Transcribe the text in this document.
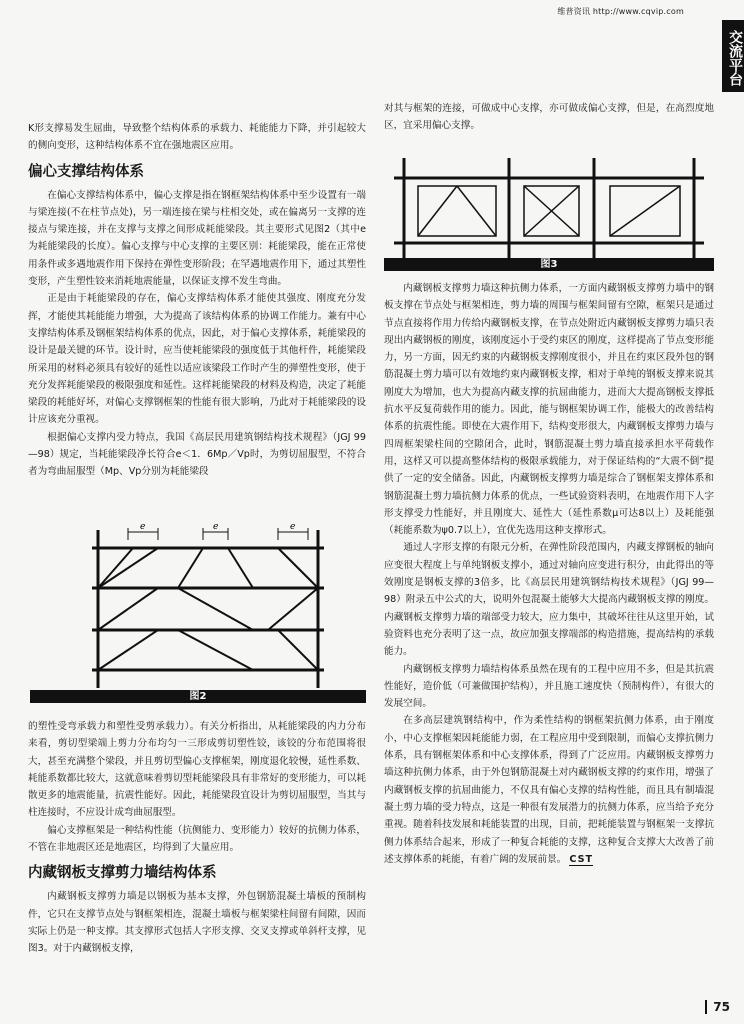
维普资讯 http://www.cqvip.com
交流平台

K形支撑易发生屈曲，导致整个结构体系的承载力、耗能能力下降，并引起较大的侧向变形，这种结构体系不宜在强地震区应用。

偏心支撑结构体系

在偏心支撑结构体系中，偏心支撑是指在钢框架结构体系中至少设置有一端与梁连接(不在柱节点处)，另一端连接在梁与柱相交处，或在偏离另一支撑的连接点与梁连接，并在支撑与支撑之间形成耗能梁段。其主要形式见图2（其中e为耗能梁段的长度）。偏心支撑与中心支撑的主要区别：耗能梁段，能在正常使用条件或多遇地震作用下保持在弹性变形阶段；在罕遇地震作用下，通过其塑性变形，产生塑性铰来消耗地震能量，以保证支撑不发生弯曲。

正是由于耗能梁段的存在，偏心支撑结构体系才能使其强度、刚度充分发挥，才能使其耗能能力增强，大为提高了该结构体系的协调工作能力。兼有中心支撑结构体系及钢框架结构体系的优点，因此，对于偏心支撑体系，耗能梁段的设计是最关键的环节。设计时，应当使耗能梁段的强度低于其他杆件，耗能梁段所采用的材料必须具有较好的延性以适应该梁段工作时产生的弹塑性变形，使于充分发挥耗能梁段的极限强度和延性。这样耗能梁段的材料及构造，决定了耗能梁段的耗能好坏，对偏心支撑钢框架的性能有很大影响，乃此对于耗能梁段的设计应该充分重视。

根据偏心支撑内受力特点，我国《高层民用建筑钢结构技术规程》（JGJ 99—98）规定，当耗能梁段净长符合e＜1．6Mp／Vp时，为剪切屈服型，不符合者为弯曲屈服型（Mp、Vp分别为耗能梁段

e	e	e
图2

的塑性受弯承载力和塑性受剪承载力）。有关分析指出，从耗能梁段的内力分布来看，剪切型梁端上剪力分布均匀一三形成剪切塑性铰，该铰的分布范围将很大，甚至充满整个梁段，并且剪切型偏心支撑框架，刚度退化较慢，延性系数、耗能系数都比较大，这就意味着剪切型耗能梁段具有非常好的变形能力，可以耗散更多的地震能量，抗震性能好。因此，耗能梁段宜设计为剪切屈服型，当其与柱连接时，不应设计成弯曲屈服型。

偏心支撑框架是一种结构性能（抗侧能力、变形能力）较好的抗侧力体系，不管在非地震区还是地震区，均得到了大量应用。

内藏钢板支撑剪力墙结构体系

内藏钢板支撑剪力墙是以钢板为基本支撑，外包钢筋混凝土墙板的预制构件，它只在支撑节点处与钢框架相连，混凝土墙板与框架梁柱间留有间隙，因而实际上仍是一种支撑。其支撑形式包括人字形支撑、交叉支撑或单斜杆支撑，见图3。对于内藏钢板支撑，

对其与框架的连接，可做成中心支撑，亦可做成偏心支撑，但是，在高烈度地区，宜采用偏心支撑。

图3

内藏钢板支撑剪力墙这种抗侧力体系，一方面内藏钢板支撑剪力墙中的钢板支撑在节点处与框架相连，剪力墙的周围与框架间留有空隙，框架只是通过节点直接将作用力传给内藏钢板支撑，在节点处附近内藏钢板支撑剪力墙只表现出内藏钢板的刚度，该刚度远小于受约束区的刚度，这样提高了节点变形能力，另一方面，因无约束的内藏钢板支撑刚度很小，并且在约束区段外包的钢筋混凝土剪力墙可以有效地约束内藏钢板支撑，相对于单纯的钢板支撑来说其刚度大为增加，也大为提高内藏支撑的抗屈曲能力，进而大大提高钢板支撑抵抗水平反复荷载作用的能力。因此，能与钢框架协调工作，能极大的改善结构体系的抗震性能。即使在大震作用下，结构变形很大，内藏钢板支撑剪力墙与四周框架梁柱间的空隙闭合，此时，钢筋混凝土剪力墙直接承担水平荷载作用，这样又可以提高整体结构的极限承载能力，对于保证结构的“大震不倒”提供了一定的安全储备。因此，内藏钢板支撑剪力墙是综合了钢框架支撑体系和钢筋混凝土剪力墙抗侧力体系的优点，一些试验资料表明，在地震作用下人字形支撑受力性能好，并且刚度大、延性大（延性系数μ可达8以上）及耗能强（耗能系数为ψ0.7以上），宜优先选用这种支撑形式。

通过人字形支撑的有限元分析，在弹性阶段范围内，内藏支撑钢板的轴向应变很大程度上与单纯钢板支撑小，通过对轴向应变进行积分，由此得出的等效刚度是钢板支撑的3倍多，比《高层民用建筑钢结构技术规程》（JGJ 99—98）附录五中公式的大，说明外包混凝土能够大大提高内藏钢板支撑的刚度。内藏钢板支撑剪力墙的端部受力较大，应力集中，其破坏往往从这里开始，试验资料也充分表明了这一点，故应加强支撑端部的构造措施，提高结构的承载能力。

内藏钢板支撑剪力墙结构体系虽然在现有的工程中应用不多，但是其抗震性能好，造价低（可兼做围护结构），并且施工速度快（预制构件），有很大的发展空间。

在多高层建筑钢结构中，作为柔性结构的钢框架抗侧力体系，由于刚度小，中心支撑框架因耗能能力弱，在工程应用中受到限制，而偏心支撑抗侧力体系，具有钢框架体系和中心支撑体系，得到了广泛应用。内藏钢板支撑剪力墙这种抗侧力体系，由于外包钢筋混凝土对内藏钢板支撑的约束作用，增强了内藏钢板支撑的抗屈曲能力，不仅具有偏心支撑的结构性能，而且具有制墙混凝土剪力墙的受力特点，这是一种很有发展潜力的抗侧力体系，应当给予充分重视。随着科技发展和耗能装置的出现，目前，把耗能装置与钢框架一支撑抗侧力体系结合起来，形成了一种复合耗能的支撑，这种复合支撑大大改善了前述支撑体系的耗能，有着广阔的发展前景。 CST

75
